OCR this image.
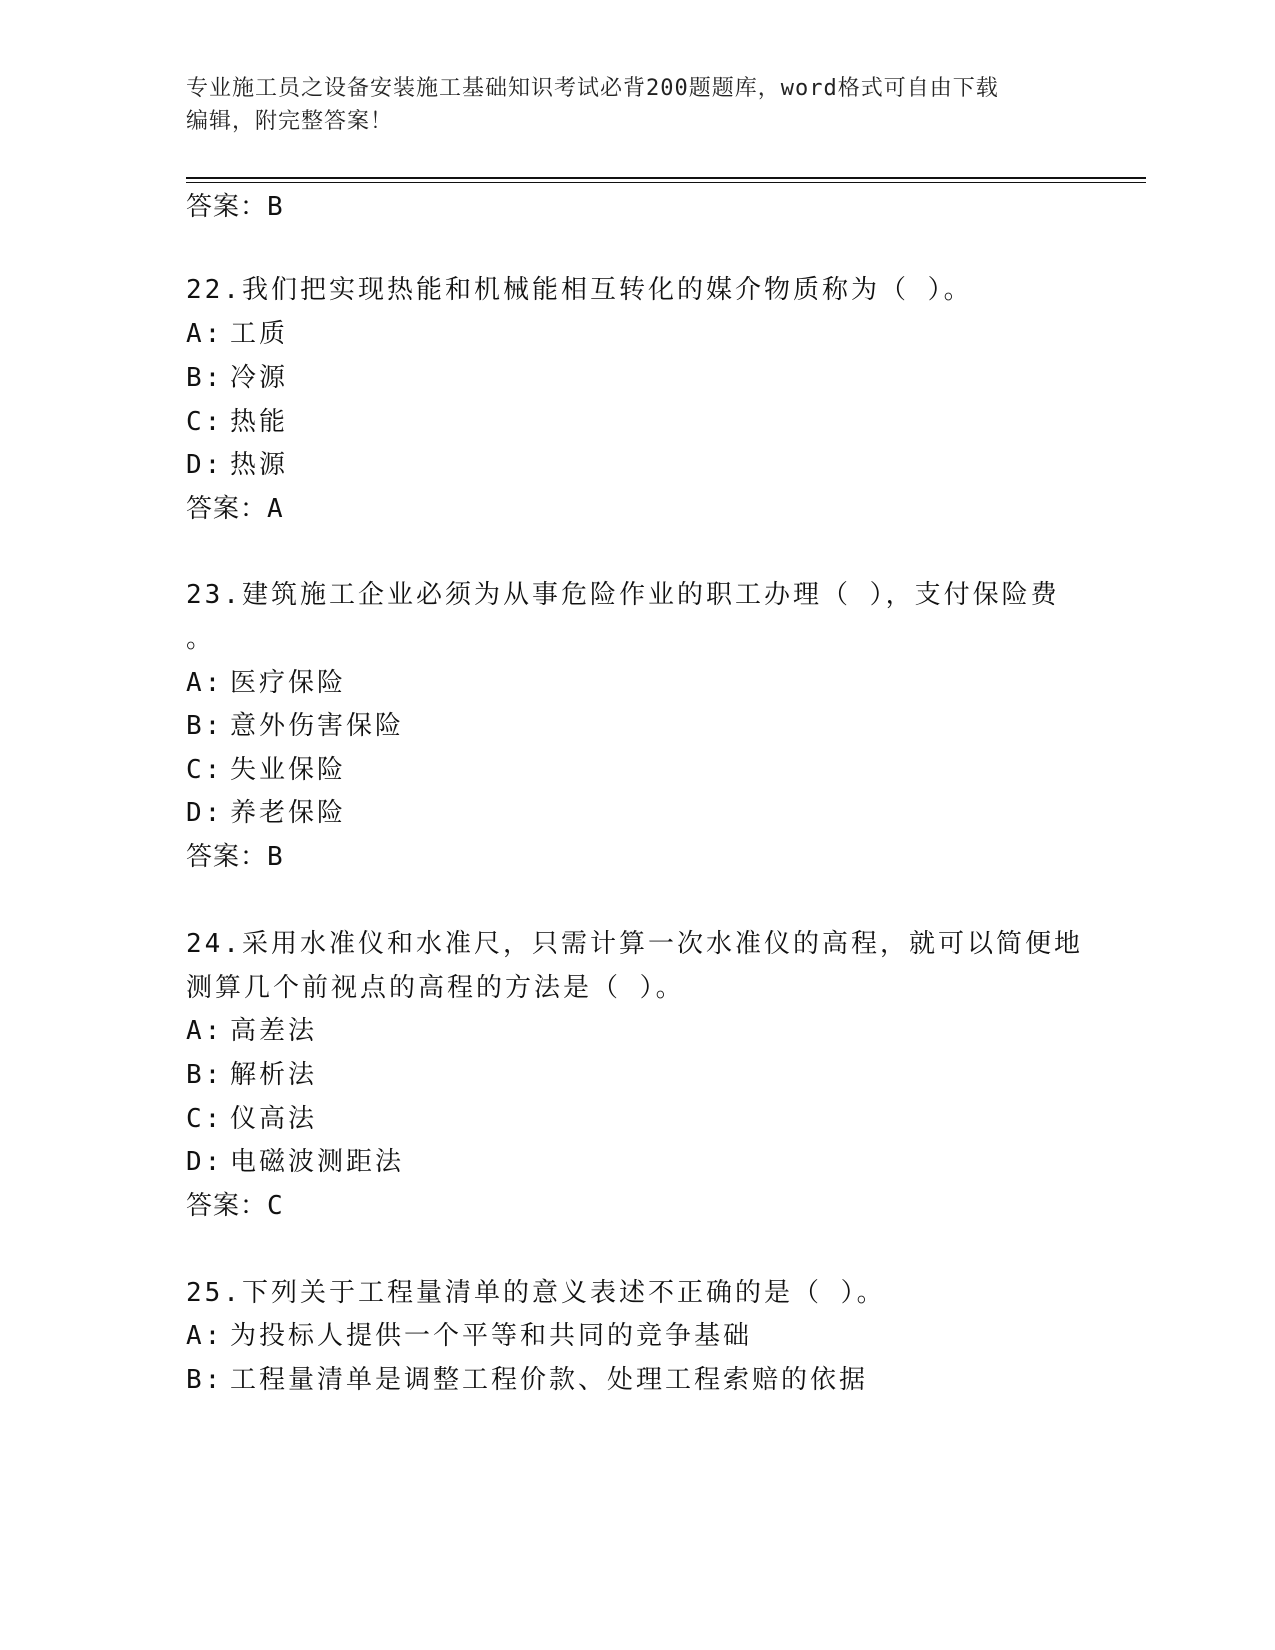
专业施工员之设备安装施工基础知识考试必背200题题库，word格式可自由下载
编辑，附完整答案！
答案：B
22.我们把实现热能和机械能相互转化的媒介物质称为（ ）。
A: 工质
B: 冷源
C: 热能
D: 热源
答案：A
23.建筑施工企业必须为从事危险作业的职工办理（ ），支付保险费
。
A: 医疗保险
B: 意外伤害保险
C: 失业保险
D: 养老保险
答案：B
24.采用水准仪和水准尺，只需计算一次水准仪的高程，就可以简便地
测算几个前视点的高程的方法是（ ）。
A: 高差法
B: 解析法
C: 仪高法
D: 电磁波测距法
答案：C
25.下列关于工程量清单的意义表述不正确的是（ ）。
A: 为投标人提供一个平等和共同的竞争基础
B: 工程量清单是调整工程价款、处理工程索赔的依据
